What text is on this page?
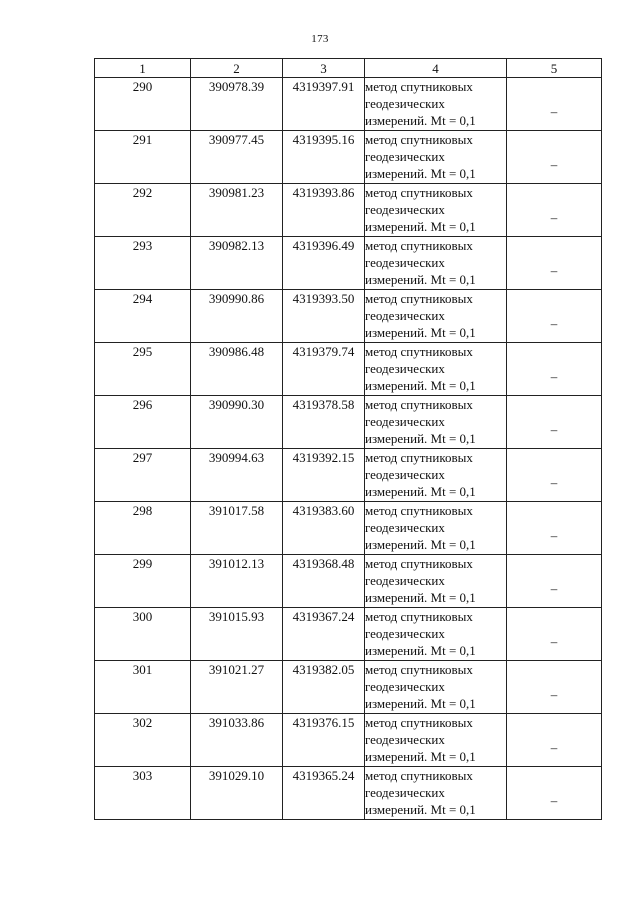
173
1	2	3	4	5
290	390978.39	4319397.91	метод спутниковых
геодезических
измерений. Mt = 0,1	–
291	390977.45	4319395.16	метод спутниковых
геодезических
измерений. Mt = 0,1	–
292	390981.23	4319393.86	метод спутниковых
геодезических
измерений. Mt = 0,1	–
293	390982.13	4319396.49	метод спутниковых
геодезических
измерений. Mt = 0,1	–
294	390990.86	4319393.50	метод спутниковых
геодезических
измерений. Mt = 0,1	–
295	390986.48	4319379.74	метод спутниковых
геодезических
измерений. Mt = 0,1	–
296	390990.30	4319378.58	метод спутниковых
геодезических
измерений. Mt = 0,1	–
297	390994.63	4319392.15	метод спутниковых
геодезических
измерений. Mt = 0,1	–
298	391017.58	4319383.60	метод спутниковых
геодезических
измерений. Mt = 0,1	–
299	391012.13	4319368.48	метод спутниковых
геодезических
измерений. Mt = 0,1	–
300	391015.93	4319367.24	метод спутниковых
геодезических
измерений. Mt = 0,1	–
301	391021.27	4319382.05	метод спутниковых
геодезических
измерений. Mt = 0,1	–
302	391033.86	4319376.15	метод спутниковых
геодезических
измерений. Mt = 0,1	–
303	391029.10	4319365.24	метод спутниковых
геодезических
измерений. Mt = 0,1	–
